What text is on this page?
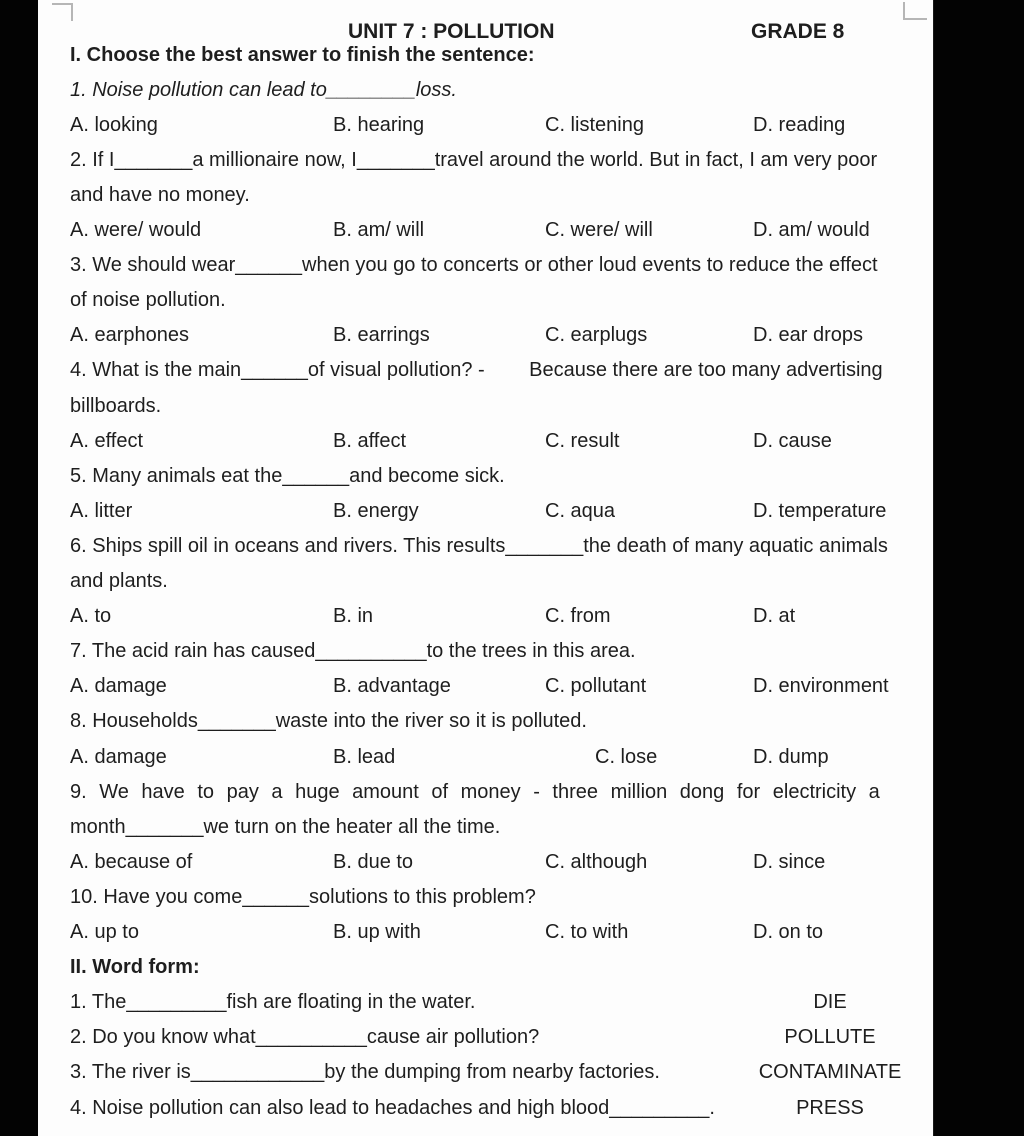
UNIT 7 : POLLUTION	GRADE 8
I. Choose the best answer to finish the sentence:
1. Noise pollution can lead to________loss.
A. looking	B. hearing	C. listening	D. reading
2. If I_______a millionaire now, I_______travel around the world. But in fact, I am very poor
and have no money.
A. were/ would	B. am/ will	C. were/ will	D. am/ would
3. We should wear______when you go to concerts or other loud events to reduce the effect
of noise pollution.
A. earphones	B. earrings	C. earplugs	D. ear drops
4. What is the main______of visual pollution? -        Because there are too many advertising
billboards.
A. effect	B. affect	C. result	D. cause
5. Many animals eat the______and become sick.
A. litter	B. energy	C. aqua	D. temperature
6. Ships spill oil in oceans and rivers. This results_______the death of many aquatic animals
and plants.
A. to	B. in	C. from	D. at
7. The acid rain has caused__________to the trees in this area.
A. damage	B. advantage	C. pollutant	D. environment
8. Households_______waste into the river so it is polluted.
A. damage	B. lead	C. lose	D. dump
9. We have to pay a huge amount of money - three million dong for electricity a
month_______we turn on the heater all the time.
A. because of	B. due to	C. although	D. since
10. Have you come______solutions to this problem?
A. up to	B. up with	C. to with	D. on to
II. Word form:
1. The_________fish are floating in the water.	DIE
2. Do you know what__________cause air pollution?	POLLUTE
3. The river is____________by the dumping from nearby factories.	CONTAMINATE
4. Noise pollution can also lead to headaches and high blood_________.	PRESS
